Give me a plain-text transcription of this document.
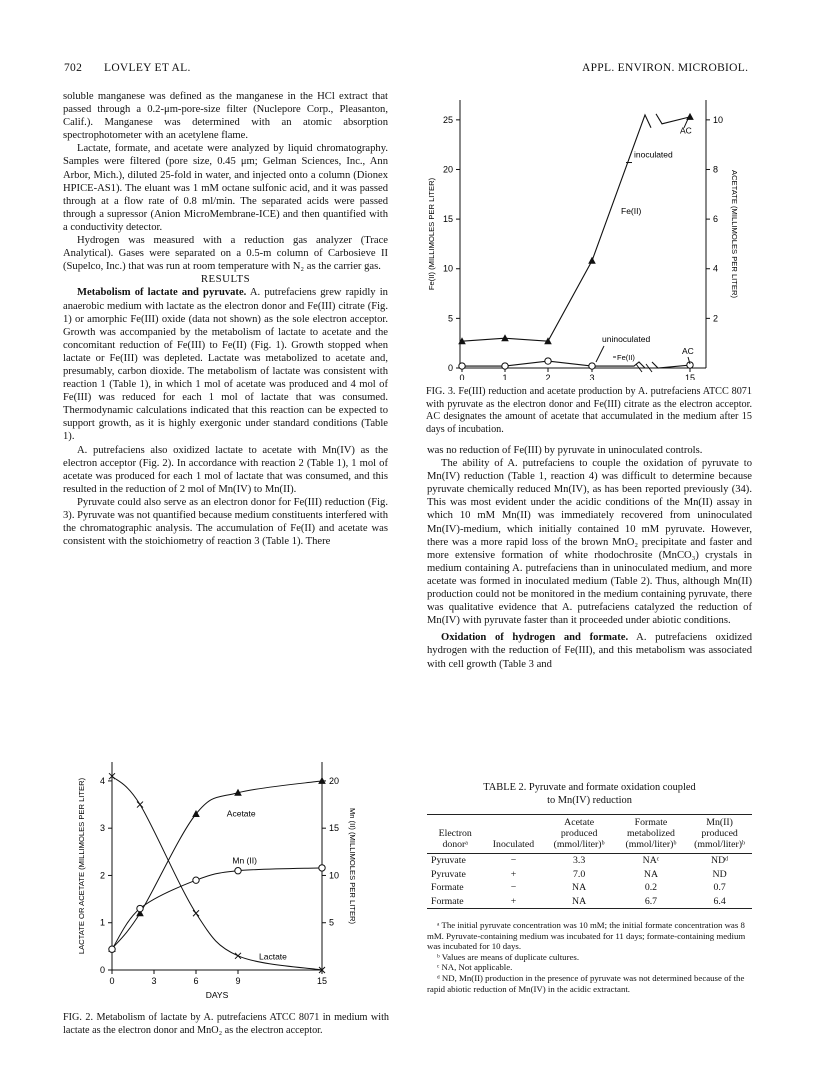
702 LOVLEY ET AL.	APPL. ENVIRON. MICROBIOL.

soluble manganese was defined as the manganese in the HCl extract that passed through a 0.2-μm-pore-size filter (Nuclepore Corp., Pleasanton, Calif.). Manganese was determined with an atomic absorption spectrophotometer with an acetylene flame.

Lactate, formate, and acetate were analyzed by liquid chromatography. Samples were filtered (pore size, 0.45 μm; Gelman Sciences, Inc., Ann Arbor, Mich.), diluted 25-fold in water, and injected onto a column (Dionex HPICE-AS1). The eluant was 1 mM octane sulfonic acid, and it was passed through at a flow rate of 0.8 ml/min. The separated acids were passed through a supressor (Anion MicroMembrane-ICE) and then quantified with a conductivity detector.

Hydrogen was measured with a reduction gas analyzer (Trace Analytical). Gases were separated on a 0.5-m column of Carbosieve II (Supelco, Inc.) that was run at room temperature with N₂ as the carrier gas.

RESULTS

Metabolism of lactate and pyruvate. A. putrefaciens grew rapidly in anaerobic medium with lactate as the electron donor and Fe(III) citrate (Fig. 1) or amorphic Fe(III) oxide (data not shown) as the sole electron acceptor. Growth was accompanied by the metabolism of lactate to acetate and the concomitant reduction of Fe(III) to Fe(II) (Fig. 1). Growth stopped when lactate or Fe(III) was depleted. Lactate was metabolized to acetate and, presumably, carbon dioxide. The metabolism of lactate was consistent with reaction 1 (Table 1), in which 1 mol of acetate was produced and 4 mol of Fe(III) was reduced for each 1 mol of lactate that was consumed. Thermodynamic calculations indicated that this reaction can be expected to support growth, as it is highly exergonic under standard conditions (Table 1).

A. putrefaciens also oxidized lactate to acetate with Mn(IV) as the electron acceptor (Fig. 2). In accordance with reaction 2 (Table 1), 1 mol of acetate was produced for each 1 mol of lactate that was consumed, and this resulted in the reduction of 2 mol of Mn(IV) to Mn(II).

Pyruvate could also serve as an electron donor for Fe(III) reduction (Fig. 3). Pyruvate was not quantified because medium constituents interfered with the chromatographic analysis. The accumulation of Fe(II) and acetate was consistent with the stoichiometry of reaction 3 (Table 1). There

0
5
10
15
20
25
2
4
6
8
10
Fe(II) (MILLIMOLES PER LITER)	ACETATE (MILLIMOLES PER LITER)
0	1	2	3	15
inoculated
uninoculated
Fe(II)
Fe(II)
AC
AC
FIG. 3. Fe(III) reduction and acetate production by A. putrefaciens ATCC 8071 with pyruvate as the electron donor and Fe(III) citrate as the electron acceptor. AC designates the amount of acetate that accumulated in the medium after 15 days of incubation.

was no reduction of Fe(III) by pyruvate in uninoculated controls.

The ability of A. putrefaciens to couple the oxidation of pyruvate to Mn(IV) reduction (Table 1, reaction 4) was difficult to determine because pyruvate chemically reduced Mn(IV), as has been reported previously (34). This was most evident under the acidic conditions of the Mn(II) assay in which 10 mM Mn(II) was immediately recovered from uninoculated Mn(IV)-medium, which initially contained 10 mM pyruvate. However, there was a more rapid loss of the brown MnO₂ precipitate and faster and more extensive formation of white rhodochrosite (MnCO₃) crystals in medium containing A. putrefaciens than in uninoculated medium, and more acetate was formed in inoculated medium (Table 2). Thus, although Mn(II) production could not be monitored in the medium containing pyruvate, there was qualitative evidence that A. putrefaciens catalyzed the reduction of Mn(IV) with pyruvate faster than it proceeded under abiotic conditions.

Oxidation of hydrogen and formate. A. putrefaciens oxidized hydrogen with the reduction of Fe(III), and this metabolism was associated with cell growth (Table 3 and

0	3	6	9	15
0
1
2
3
4
5
10
15
20
DAYS
LACTATE OR ACETATE (MILLIMOLES PER LITER)	Mn (II) (MILLIMOLES PER LITER)
Acetate
Mn (II)
Lactate
FIG. 2. Metabolism of lactate by A. putrefaciens ATCC 8071 in medium with lactate as the electron donor and MnO₂ as the electron acceptor.
TABLE 2. Pyruvate and formate oxidation coupled
to Mn(IV) reduction
Electron donorᵃ	Inoculated	Acetate produced (mmol/liter)ᵇ	Formate metabolized (mmol/liter)ᵇ	Mn(II) produced (mmol/liter)ᵇ
Pyruvate	−	3.3	NAᶜ	NDᵈ
Pyruvate	+	7.0	NA	ND
Formate	−	NA	0.2	0.7
Formate	+	NA	6.7	6.4

ᵃ The initial pyruvate concentration was 10 mM; the initial formate concentration was 8 mM. Pyruvate-containing medium was incubated for 11 days; formate-containing medium was incubated for 10 days.

ᵇ Values are means of duplicate cultures.

ᶜ NA, Not applicable.

ᵈ ND, Mn(II) production in the presence of pyruvate was not determined because of the rapid abiotic reduction of Mn(IV) in the acidic extractant.
